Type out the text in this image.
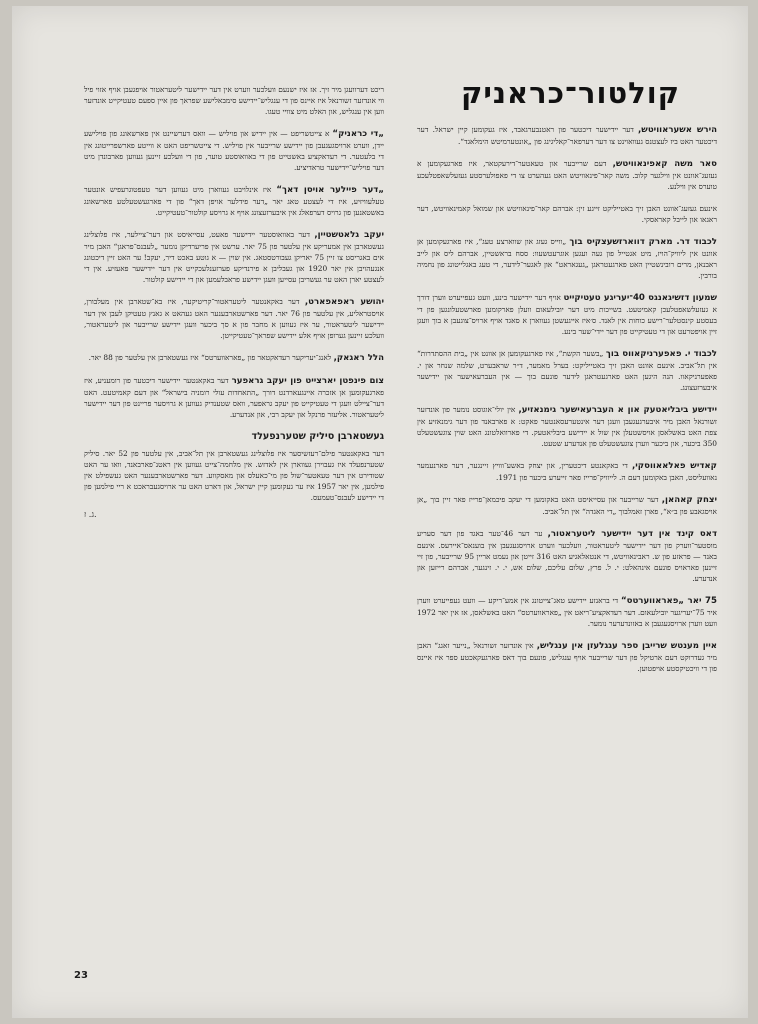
קולטור־כראניק
הירש אשעראוויטש, דער יידישער דיכטער פון ראטנבערגאבד, איז געקומען קיין ישראל. דער דיכטער האט ביז לעצטנס געוואוינט צו דער דערפאר־קאליגינג פון „אונטערמיטש הימלאגד“.
סאר משה קאפינאוויטש, דעם שרייבער און טעאטער־דירעקטאר, איז פארגעקומען א געזעג־אוונט אין ווילגער קלוב. משה קאר־פינאוויטש האט געהערט צו די פאפולערסטע געזעלשאפטלעכע טוערס אין ווילנע.
אינעם געזעג־אוונט האבן זיך באטייליקט זייגע זין: אברהם קאר־פינאוויטש און שמואל קאמינאוויטש, דער ראגאו און לייבל קאראסקי.
לכבוד דר. מארק דווארזשעצקיס בוך „ווייס געזג און שווארצע טעג“, איז פארגעקומען אן אוונט אין ליוויק־הויז, מיט אגטייל פון געה ועגען אוגרעטשעוו: ססח בראשטיין, אברהם ליס און לייב ראבנאן, מרים רובינשטיין האט פארגעטראגן „געגאראט“ און לאגער־לידער, די טעג באגלייטונג פון נחמיה בורבין.
שמעון דזשיגאנגס 40־יעריגע טעטיקייט אויף דער יידישער בינע, וועט געפייערט ווערן דורך א געזעלשאפטלעכן קאמיטעט. בשייכות מיט דער יובילעאום וועלן פארקומען פארשטעלונגען פון די בעסטע קינסטלער־רישע כוחות אין לאנד. ס׳איז אייגעשטן געווארן א סאגד אויף ארויס־צוגעבן א בוך וועגן זיין אויפטרעט און די טעטיקייט פון דער יידי־שער בינע.
לכבוד י. פאפערניקאווס בוך „בשער הקשת“, איז פארגעקומען אן אוונט אין „בית ההסתדרות“ אין תל־אביב. אינעם אוונט האבן זיך באטייליקט: בערל מאמער, ד״ר שראבערט, שלמה שנחר און י. פאפערניקאוו. הנה היגען האט פארגעטראגן לידער פונעם בוך — אין העברעאישער און יידישער איבערזעצונג.
יידישע ביבליאטעק און א העברעאישער גימנאזיע, אין יולי־אוגוסט נומער פון אונדזער זשורנאל האבן מיר איבערגעגעבן וועגן דער אינטערעסאנטער פאקט: א פארבאנד פון דער גימנאזיע אין צפת האט באשלאסן אויסשטעלן אין שול א יידישע ביבליאטעק. די פארוואלטונג האט שוין צוגעשטעלט 350 ביכער, און ביכער ווערן צוגעשטעלט פון אנדערע שטעט.
קאדיש פאלאאווסקי, די באקאנטע דיכטערין, און יצחק באשע־ווויץ זיינגער, דער פארנעמער נאוועליסט, האבן באקומען דעם ה. לייוויק־פרייז פאר זייערע ביכער פון 1971.
יצחק קאהאן, דער שרייבער און עסייאיסט האט באקומען די יעקב פיכמאן־פרייז פאר זיין בוך „אן אויסגאבע פון ב״א“, פארן זאמלבוך „די האגדה“ אין תל־אביב.
דאס קינד אין דער יידישער ליטעראטור, ער דער 46־טער באגד פון דער סעריע מוסטער־ווערק פון דער יידישער ליטעראטור, וועלכער ווערט ארויסגעגעבן אין בוענאס־איירעס. אינעם באנד — פראזע פון ש. ראבינאוויטש, די אנטאלאגיע האט 316 זייטן און נעמט אריין 95 שרייבער, פון זיי זיינען פאראויס פונעם אינהאלט: י. ל. פרץ, שלום עליכם, שלום אש, י. י. זינגער, אברהם רייזען און אנדערע.
75 יאר „פאראווערטס“ די בראנזע יידישע טאג־צייטונג אין אמע־ריקע — וועט געפייערט ווערן איר 75־יעריגער יובילעאום. דער רעדאקציע־ריאט אין „פאראווערטס“ האט באשלאסן, אז אין יאר 1972 וועט ווערן ארויסגעגעבן א באזונדערער נומער.
איין מענטש שרייבן ספר עגגלעזן אין ענגליש, אין אונדזער זשורנאל „נייער זאגג“ האבן מיר געדרוקט דעם ארטיקל פון דער שרייבער אויף ענגליש, פונעם בוך דאס פארגעקאכטע ספר איז איינס פון די וויכטיקסטע אויפטוען.
ריכט דערוועגן מיר זיך. אז איז ישנעם וועלכער ווערט אין דער יידישער ליטעראטור אויפגעבן אויף אזוי פיל ווי אונדזער זשורנאל איז איינס פון די ענגליש־יידישע סימבאלישע שפראך פון איין ספעם טעטיקייט אונדזער ווען אין ענגליש, און האלט מיט צוויי טעגו.
„די כראניק“ א צייטשריפט — אין יידיש און פויליש — וואס דערשיינט אין פארשאונג פון פוילישע יידן, ווערט ארויסגעגעבן פון יידישע שרייבער אין פויליש. די צייטשריפט האט א ווייטע פארשפרייטונג אין די בלעטער. די רעדאקציע באשטייט פון די באוואוסטע טוער, פון די וועלכע זיינען געווען פארבונדן מיט דער פויליש־יידישער טראדיציע.
„דער פיילער אויסן דאך“ איז אינלויבט געווארן מיט געווען דער טעפטוגרעפיש אונטער טעלעוויזיע, איז די לעצטע טאג יאר „דער פידלער אויפן דאך“ פון די פארגעשטעלטע פארשאונג באשטאנען פון גרויס דערפאלג אין איבערזעצונג אויף א גרויסע קולטור־טעטיקייט.
יעקב גלאטשטיין, דער באוואוסטער יידישער פאעט, עסייאיסט און דער־ציילער, איז פלוצלינג געשטארבן אין אמעריקע אין עלטער פון 75 יאר. ערשט אין פריערדיקן נומער „לעבנס־פראגן“ האבן מיר אים באגריסט צו זיין 75 יאריקן געבורטסטאג. אין שוין — א גוטע באכט דיר, יעקב! ער האט זיין דיכטונג אנגעהויבן אין יאר 1920 און געבליבן א פירנדיקע פערזענלעכקייט אין דער יידישער פאעזיע. אין די לעצטע יארן האט ער געשריבן עסייען וועגן יידישע פראבלעמען און די יידישע קולטור.
יהושע ראפאפארט, דער באקאנטער ליטעראטור־קריטיקער, איז בא־שטארבן אין מעלבורן, אויסטראליע, אין עלטער פון 76 יאר. דער פארשטארבענער האט געהאט א גאנץ טעטיקן לעבן אין דער יידישער ליטעראטור, ער איז געווען א מחבר פון א סך ביכער וועגן יידישע שרייבער און ליטעראטור, וועלכע זיינען גערופן אויף אלע יידישע שפראך־טעטיקייטן.
הלל ראגאק, לאנג־יעריקער רעדאקטאר פון „פאראווערטס“ איז געשטארבן אין עלטער פון 88 יאר.
צום פינפטן יארצייט פון יעקב גראפער דער באקאנטער יידישער דיכטער פון רומעניע, איז פארגעקומען אן אזכרה איינגעארדנט דורך „התאחדות עולי רומניה בישראל“ און דעם קאמיטעט. האט דער־ציילט וועגן די טעטיקייט פון יעקב גראפער, וואס שטענדיק געווען א גרויסער פריינט פון דער יידישער ליטעראטור. אליעזר פרנקל און יעקב רבי, און אנדערע.
געשטארבן סיליק שטערנפעלד
דער באקאנטער פילם־רעזשיסער איז פלוצלינג געשטארבן אין תל־אביב, אין עלטער פון 52 יאר. סיליק שטערנפעלד איז געבוירן געווארן אין לאדזש. אין מלחמה־צייט געווען אין ראטנ־פארבאנד, וואו ער האט שטודירט אין דער טעאטער־שול פון מי־כאעלס און מאסקווע. דער פארשטארבענער האט געשפילט אין פילמען, אין יאר 1957 איז ער געקומען קיין ישראל, און דארט האט ער ארויסגעבראכט א ריי פילמען פון די יידישע לעבנס־טעמעס.
ג. ז.
23
